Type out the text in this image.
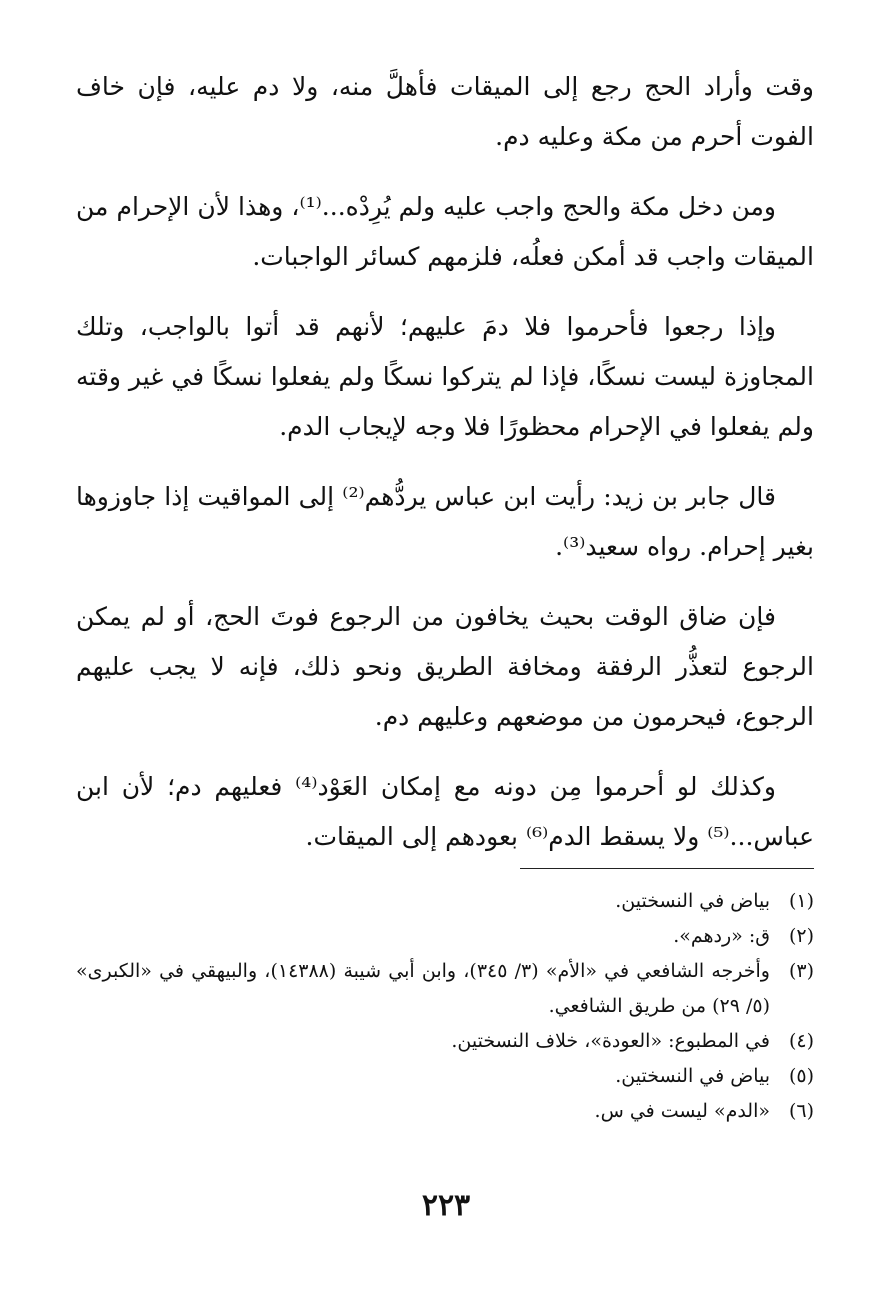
وقت وأراد الحج رجع إلى الميقات فأهلَّ منه، ولا دم عليه، فإن خاف الفوت أحرم من مكة وعليه دم.

ومن دخل مكة والحج واجب عليه ولم يُرِدْه...⁽¹⁾، وهذا لأن الإحرام من الميقات واجب قد أمكن فعلُه، فلزمهم كسائر الواجبات.

وإذا رجعوا فأحرموا فلا دمَ عليهم؛ لأنهم قد أتوا بالواجب، وتلك المجاوزة ليست نسكًا، فإذا لم يتركوا نسكًا ولم يفعلوا نسكًا في غير وقته ولم يفعلوا في الإحرام محظورًا فلا وجه لإيجاب الدم.

قال جابر بن زيد: رأيت ابن عباس يردُّهم⁽²⁾ إلى المواقيت إذا جاوزوها بغير إحرام. رواه سعيد⁽³⁾.

فإن ضاق الوقت بحيث يخافون من الرجوع فوتَ الحج، أو لم يمكن الرجوع لتعذُّر الرفقة ومخافة الطريق ونحو ذلك، فإنه لا يجب عليهم الرجوع، فيحرمون من موضعهم وعليهم دم.

وكذلك لو أحرموا مِن دونه مع إمكان العَوْد⁽⁴⁾ فعليهم دم؛ لأن ابن عباس...⁽⁵⁾ ولا يسقط الدم⁽⁶⁾ بعودهم إلى الميقات.

(١)
بياض في النسختين.
(٢)
ق: «ردهم».
(٣)
وأخرجه الشافعي في «الأم» (٣/ ٣٤٥)، وابن أبي شيبة (١٤٣٨٨)، والبيهقي في «الكبرى» (٥/ ٢٩) من طريق الشافعي.
(٤)
في المطبوع: «العودة»، خلاف النسختين.
(٥)
بياض في النسختين.
(٦)
«الدم» ليست في س.
٢٢٣
